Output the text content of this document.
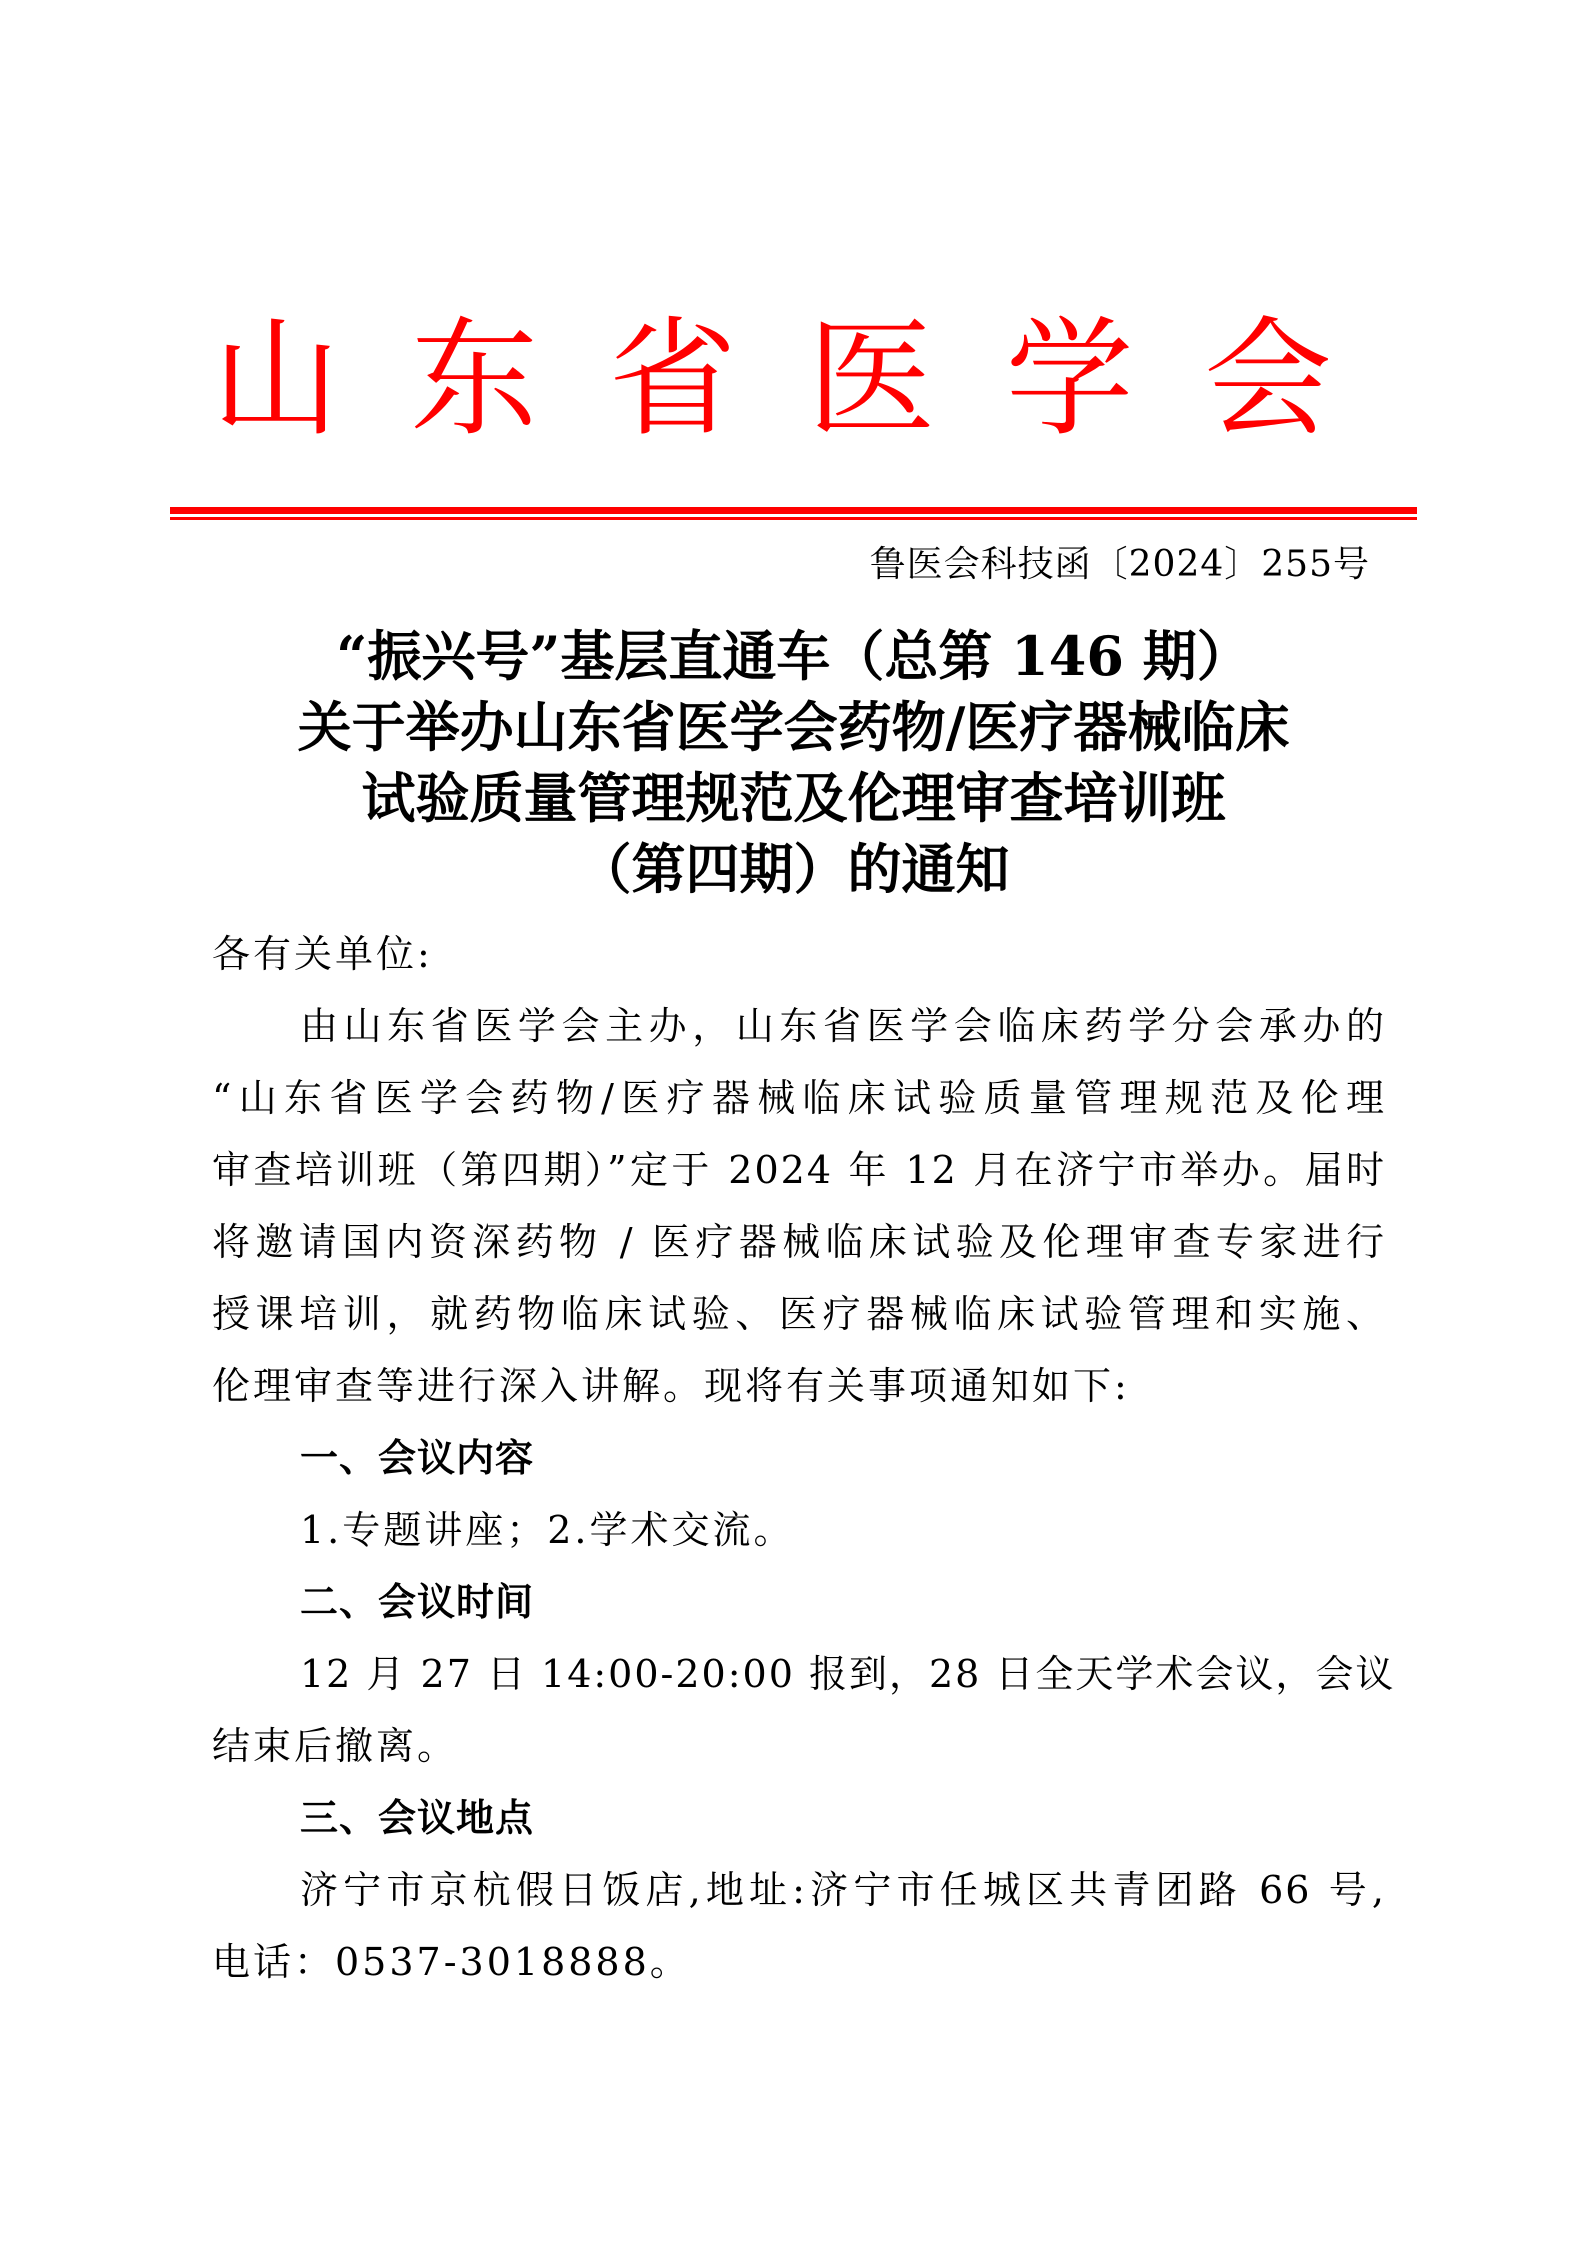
山 东 省 医 学 会
鲁医会科技函〔2024〕255号
“振兴号”基层直通车（总第 146 期）
关于举办山东省医学会药物/医疗器械临床
试验质量管理规范及伦理审查培训班
（第四期）的通知
各有关单位:
由山东省医学会主办，山东省医学会临床药学分会承办的
“山东省医学会药物/医疗器械临床试验质量管理规范及伦理
审查培训班（第四期）”定于 2024 年 12 月在济宁市举办。届时
将邀请国内资深药物 / 医疗器械临床试验及伦理审查专家进行
授课培训，就药物临床试验、医疗器械临床试验管理和实施、
伦理审查等进行深入讲解。现将有关事项通知如下:
一、会议内容
1.专题讲座；2.学术交流。
二、会议时间
12 月 27 日 14:00-20:00 报到，28 日全天学术会议，会议
结束后撤离。
三、会议地点
济宁市京杭假日饭店,地址:济宁市任城区共青团路 66 号,
电话：0537-3018888。
